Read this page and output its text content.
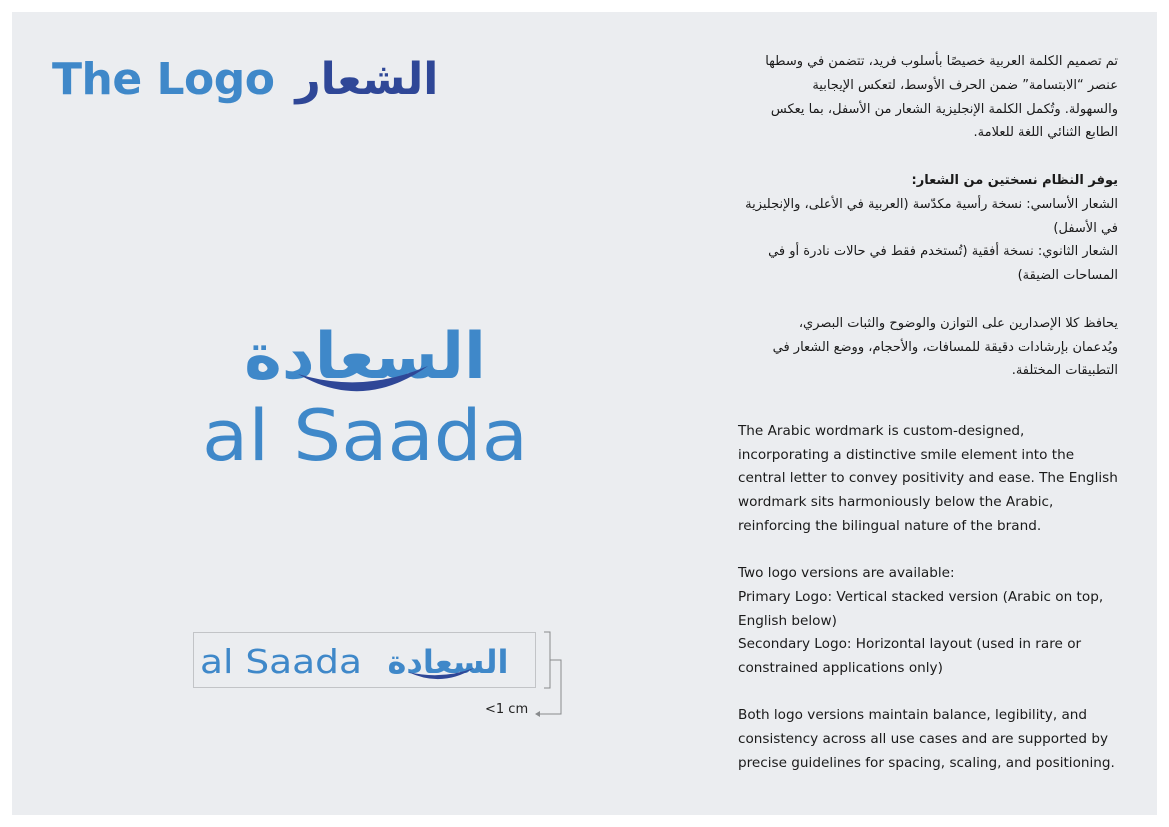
The Logo الشعار	تم تصميم الكلمة العربية خصيصًا بأسلوب فريد، تتضمن في وسطها

عنصر “الابتسامة” ضمن الحرف الأوسط، لتعكس الإيجابية

والسهولة. وتُكمل الكلمة الإنجليزية الشعار من الأسفل، بما يعكس

الطابع الثنائي اللغة للعلامة.

يوفر النظام نسختين من الشعار:

الشعار الأساسي: نسخة رأسية مكدّسة (العربية في الأعلى، والإنجليزية

في الأسفل)

الشعار الثانوي: نسخة أفقية (تُستخدم فقط في حالات نادرة أو في

المساحات الضيقة)

يحافظ كلا الإصدارين على التوازن والوضوح والثبات البصري،

ويُدعمان بإرشادات دقيقة للمسافات، والأحجام، ووضع الشعار في

التطبيقات المختلفة.

The Arabic wordmark is custom-designed,

incorporating a distinctive smile element into the

central letter to convey positivity and ease. The English

wordmark sits harmoniously below the Arabic,

reinforcing the bilingual nature of the brand.

Two logo versions are available:

Primary Logo: Vertical stacked version (Arabic on top,

English below)

Secondary Logo: Horizontal layout (used in rare or

constrained applications only)

Both logo versions maintain balance, legibility, and

consistency across all use cases and are supported by

precise guidelines for spacing, scaling, and positioning.

السعادة
al Saada
al Saada السعادة
<1 cm
